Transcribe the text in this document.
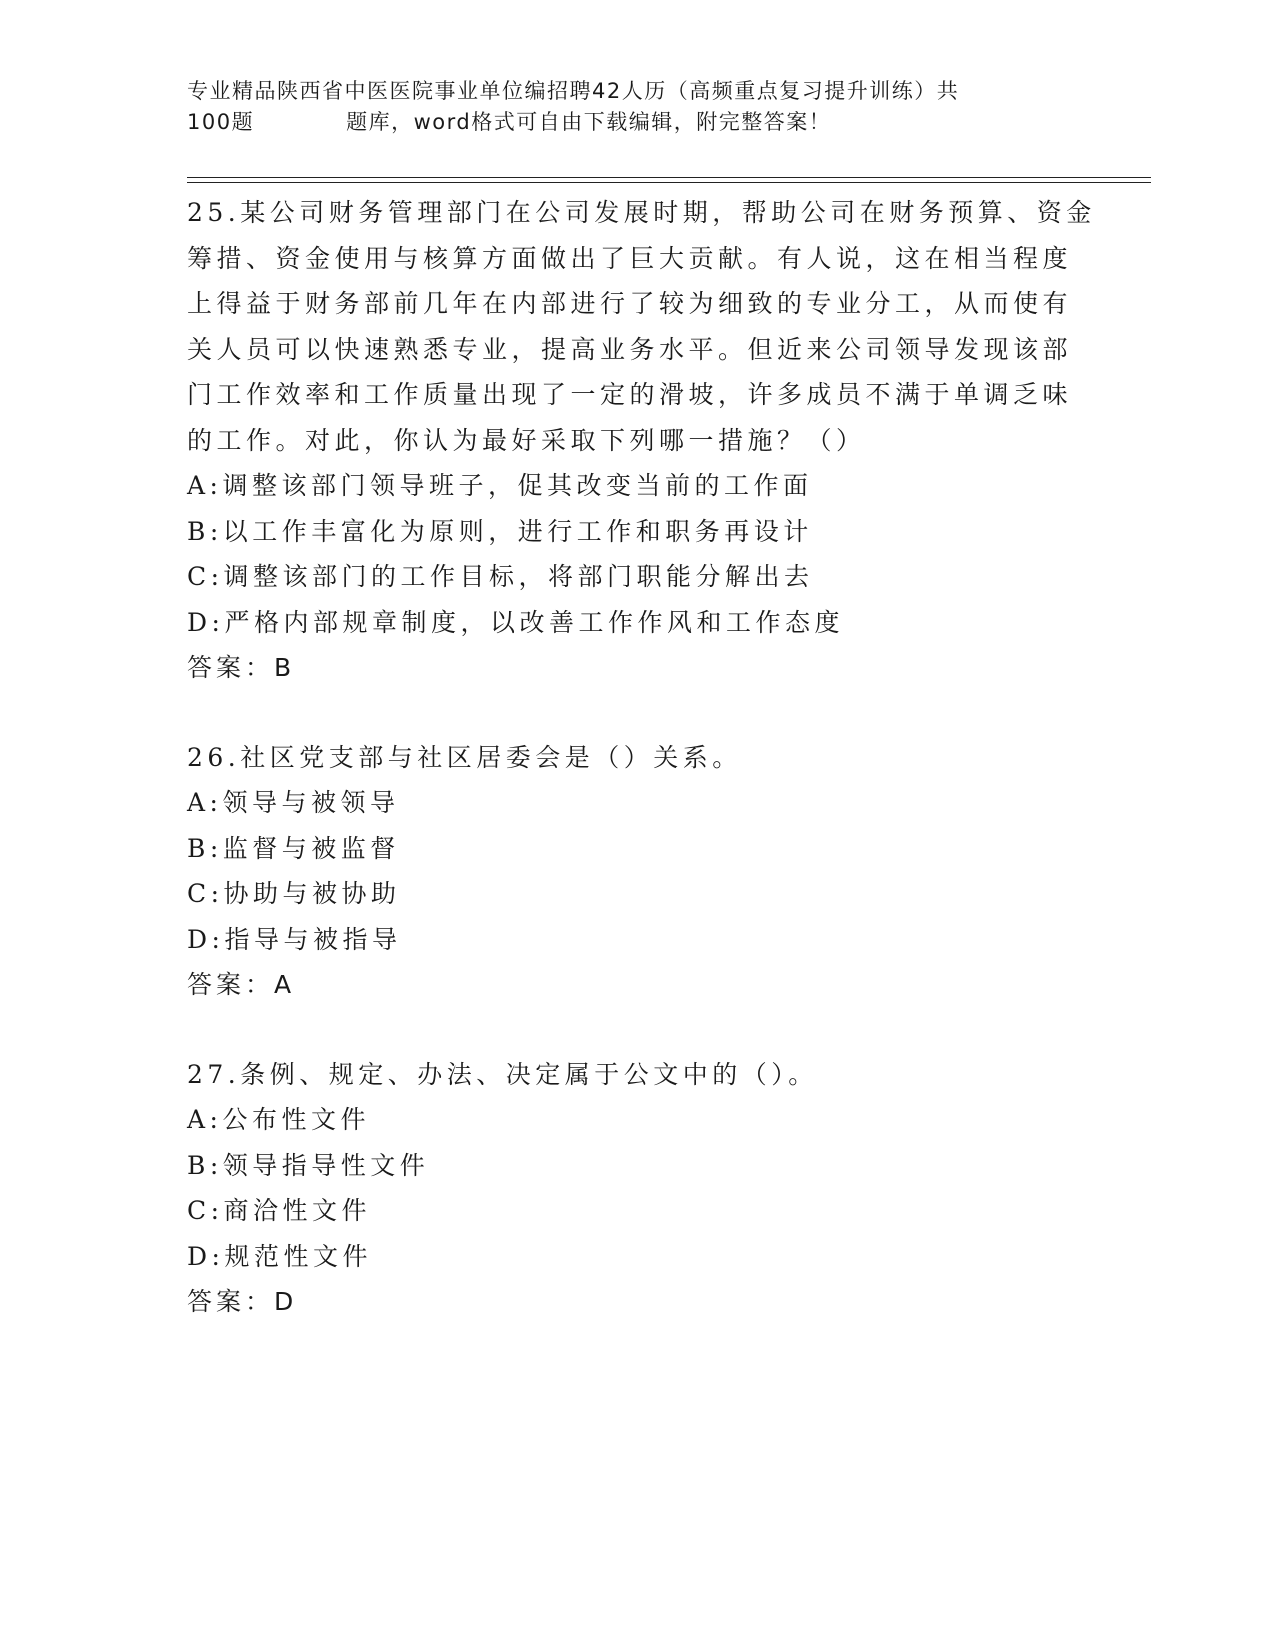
专业精品陕西省中医医院事业单位编招聘42人历（高频重点复习提升训练）共
100题	题库，word格式可自由下载编辑，附完整答案！

25.某公司财务管理部门在公司发展时期，帮助公司在财务预算、资金

筹措、资金使用与核算方面做出了巨大贡献。有人说，这在相当程度

上得益于财务部前几年在内部进行了较为细致的专业分工，从而使有

关人员可以快速熟悉专业，提高业务水平。但近来公司领导发现该部

门工作效率和工作质量出现了一定的滑坡，许多成员不满于单调乏味

的工作。对此，你认为最好采取下列哪一措施？（）

A:调整该部门领导班子，促其改变当前的工作面

B:以工作丰富化为原则，进行工作和职务再设计

C:调整该部门的工作目标，将部门职能分解出去

D:严格内部规章制度，以改善工作作风和工作态度

答案：B

26.社区党支部与社区居委会是（）关系。

A:领导与被领导

B:监督与被监督

C:协助与被协助

D:指导与被指导

答案：A

27.条例、规定、办法、决定属于公文中的（）。

A:公布性文件

B:领导指导性文件

C:商洽性文件

D:规范性文件

答案：D
